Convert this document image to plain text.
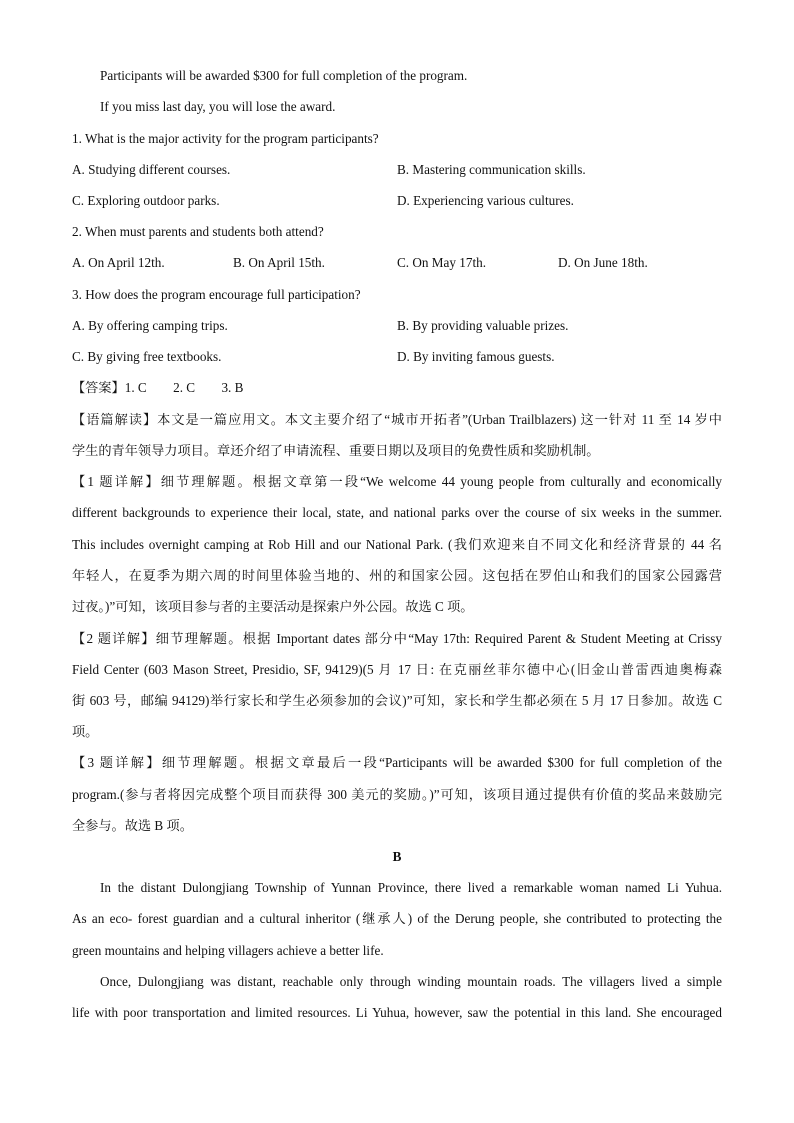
Participants will be awarded $300 for full completion of the program.
If you miss last day, you will lose the award.
1. What is the major activity for the program participants?
A. Studying different courses.	B. Mastering communication skills.
C. Exploring outdoor parks.	D. Experiencing various cultures.
2. When must parents and students both attend?
A. On April 12th.	B. On April 15th.	C. On May 17th.	D. On June 18th.
3. How does the program encourage full participation?
A. By offering camping trips.	B. By providing valuable prizes.
C. By giving free textbooks.	D. By inviting famous guests.
【答案】1. C        2. C        3. B
【语篇解读】本文是一篇应用文。本文主要介绍了“城市开拓者”(Urban Trailblazers) 这一针对 11 至 14 岁中
学生的青年领导力项目。章还介绍了申请流程、重要日期以及项目的免费性质和奖励机制。
【1 题详解】细节理解题。根据文章第一段“We welcome 44 young people from culturally and economically
different backgrounds to experience their local, state, and national parks over the course of six weeks in the summer.
This includes overnight camping at Rob Hill and our National Park. (我们欢迎来自不同文化和经济背景的 44 名
年轻人，在夏季为期六周的时间里体验当地的、州的和国家公园。这包括在罗伯山和我们的国家公园露营
过夜。)”可知，该项目参与者的主要活动是探索户外公园。故选 C 项。
【2 题详解】细节理解题。根据 Important dates 部分中“May 17th: Required Parent & Student Meeting at Crissy
Field Center (603 Mason Street, Presidio, SF, 94129)(5 月 17 日: 在克丽丝菲尔德中心(旧金山普雷西迪奥梅森
街 603 号，邮编 94129)举行家长和学生必须参加的会议)”可知，家长和学生都必须在 5 月 17 日参加。故选 C
项。
【3 题详解】细节理解题。根据文章最后一段“Participants will be awarded $300 for full completion of the
program.(参与者将因完成整个项目而获得 300 美元的奖励。)”可知，该项目通过提供有价值的奖品来鼓励完
全参与。故选 B 项。
B
In the distant Dulongjiang Township of Yunnan Province, there lived a remarkable woman named Li Yuhua.
As an eco- forest guardian and a cultural inheritor (继承人) of the Derung people, she contributed to protecting the
green mountains and helping villagers achieve a better life.
Once, Dulongjiang was distant, reachable only through winding mountain roads. The villagers lived a simple
life with poor transportation and limited resources. Li Yuhua, however, saw the potential in this land. She encouraged
